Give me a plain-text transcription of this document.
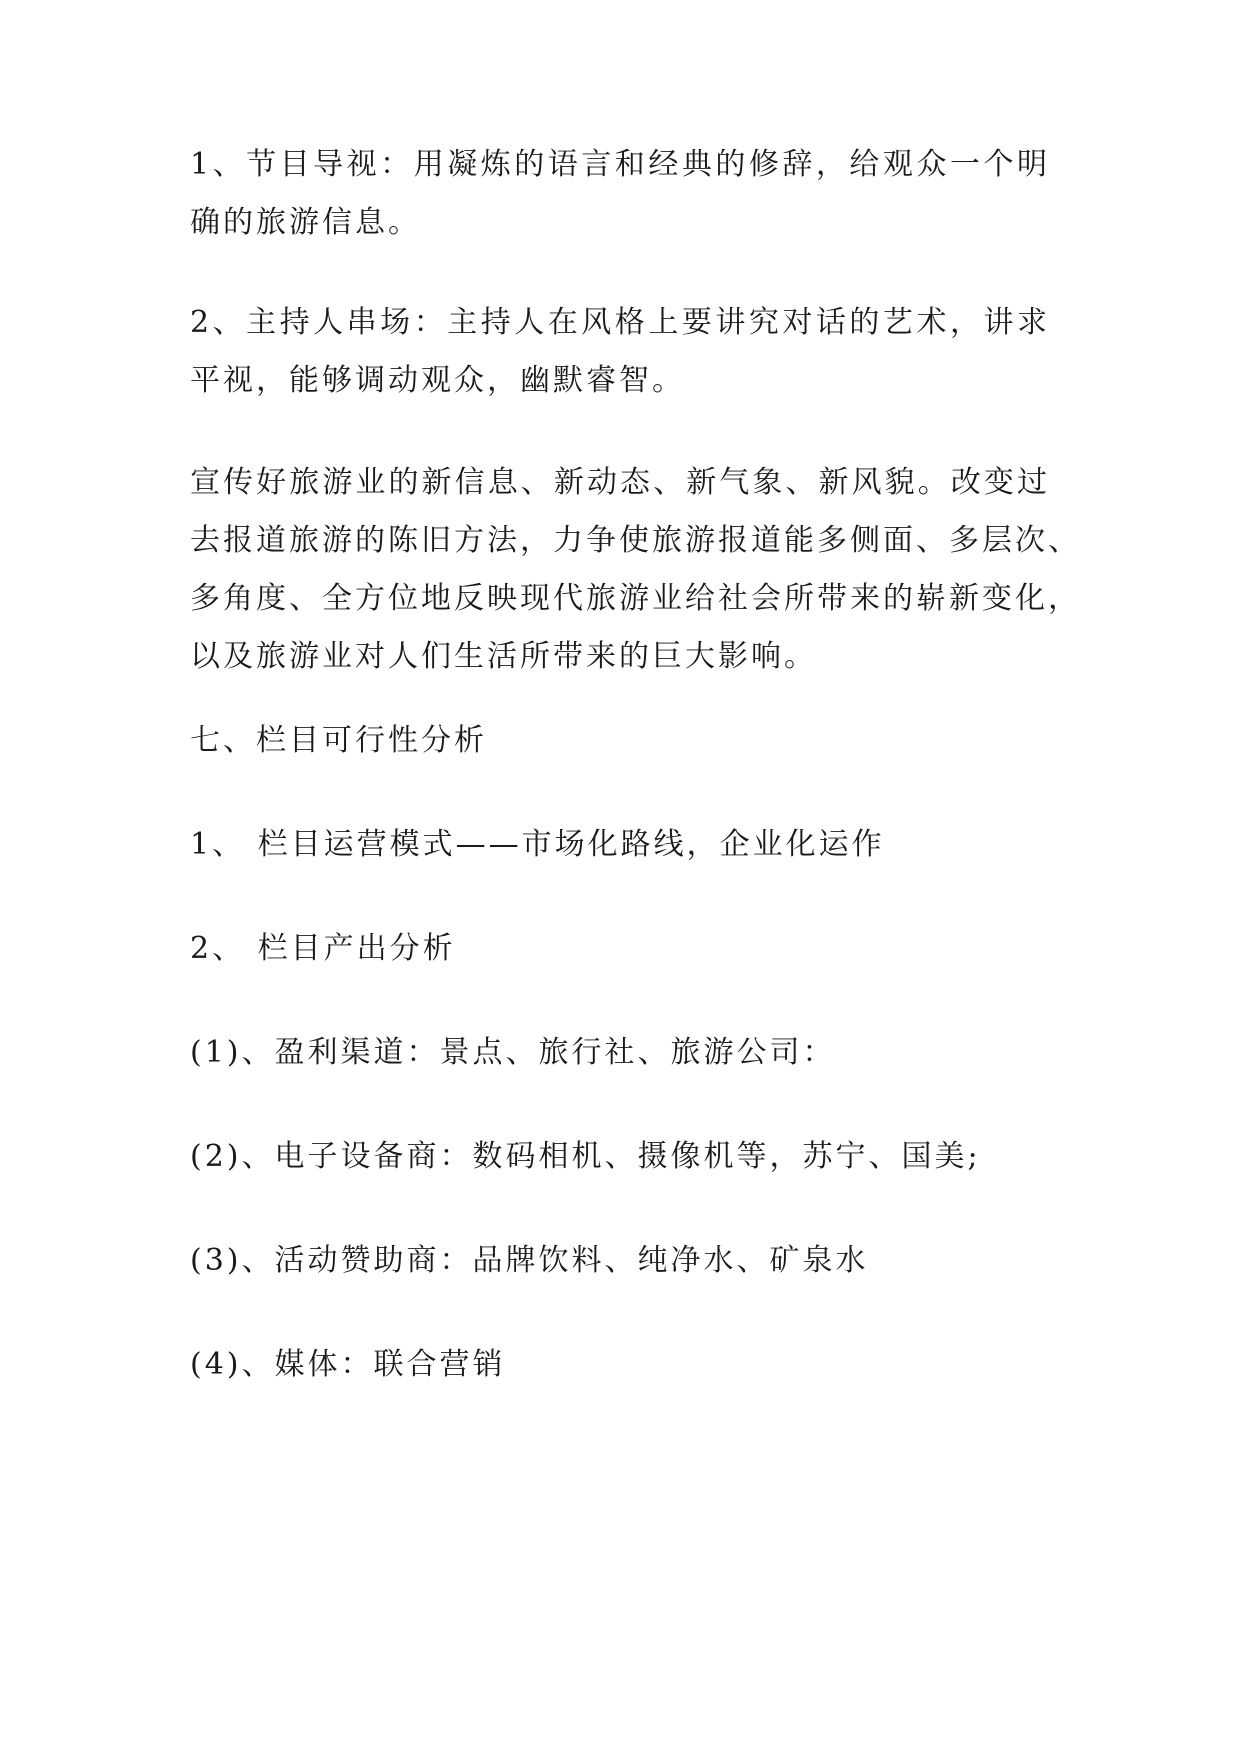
1、节目导视：用凝炼的语言和经典的修辞，给观众一个明
确的旅游信息。
2、主持人串场：主持人在风格上要讲究对话的艺术，讲求
平视，能够调动观众，幽默睿智。
宣传好旅游业的新信息、新动态、新气象、新风貌。改变过
去报道旅游的陈旧方法，力争使旅游报道能多侧面、多层次、
多角度、全方位地反映现代旅游业给社会所带来的崭新变化，
以及旅游业对人们生活所带来的巨大影响。
七、栏目可行性分析
1、 栏目运营模式——市场化路线，企业化运作
2、 栏目产出分析
(1)、盈利渠道：景点、旅行社、旅游公司：
(2)、电子设备商：数码相机、摄像机等，苏宁、国美;
(3)、活动赞助商：品牌饮料、纯净水、矿泉水
(4)、媒体：联合营销
